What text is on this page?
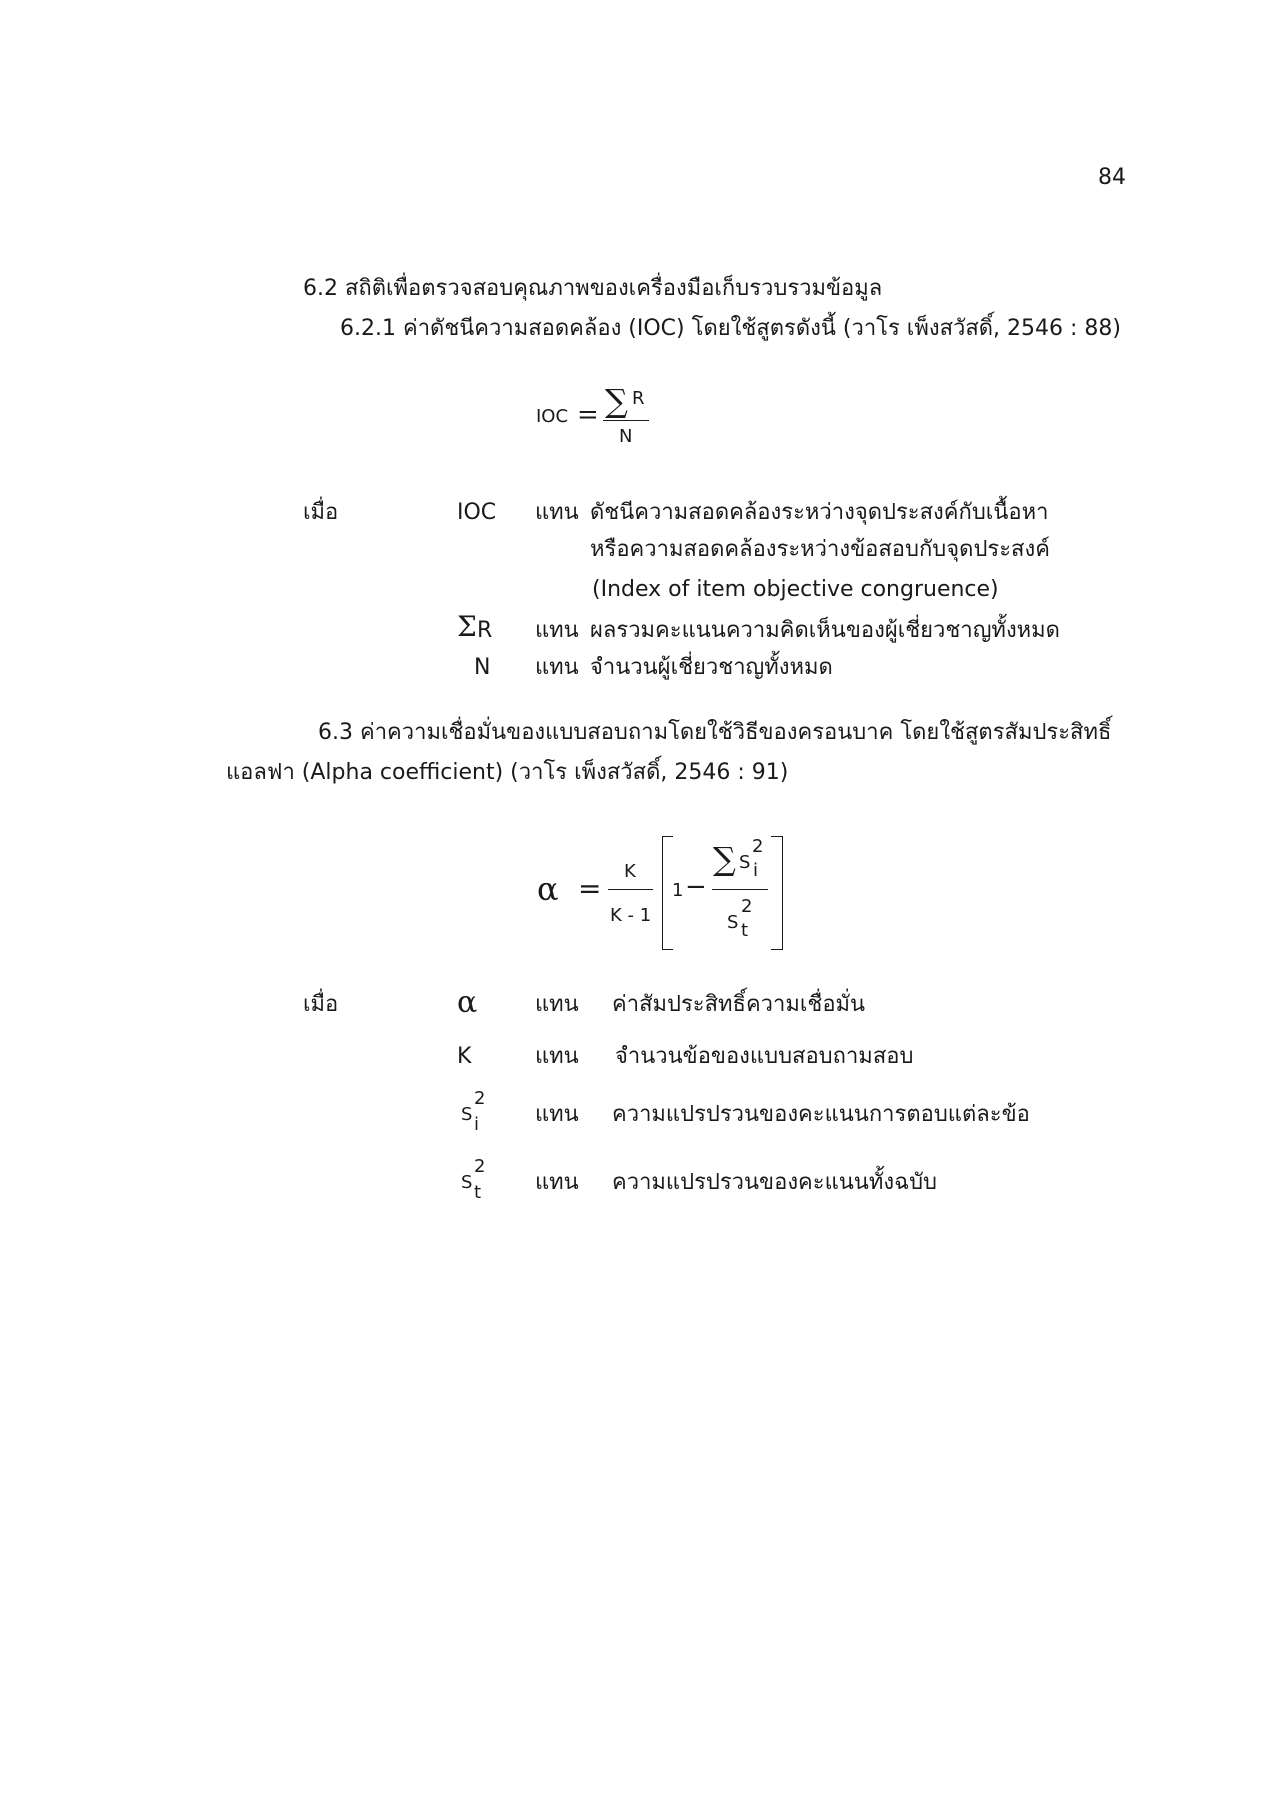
84
6.2 สถิติเพื่อตรวจสอบคุณภาพของเครื่องมือเก็บรวบรวมข้อมูล
6.2.1 ค่าดัชนีความสอดคล้อง (IOC) โดยใช้สูตรดังนี้ (วาโร เพ็งสวัสดิ์, 2546 : 88)
IOC = ∑ R
N
เมื่อ	IOC แทน ดัชนีความสอดคล้องระหว่างจุดประสงค์กับเนื้อหา
หรือความสอดคล้องระหว่างข้อสอบกับจุดประสงค์
(Index of item objective congruence)
Σ R แทน ผลรวมคะแนนความคิดเห็นของผู้เชี่ยวชาญทั้งหมด
N แทน จำนวนผู้เชี่ยวชาญทั้งหมด
6.3 ค่าความเชื่อมั่นของแบบสอบถามโดยใช้วิธีของครอนบาค โดยใช้สูตรสัมประสิทธิ์
แอลฟา (Alpha coefficient) (วาโร เพ็งสวัสดิ์, 2546 : 91)
α =
K
K - 1
1 −
∑ S
2
i
S
2
t
เมื่อ	α	แทน ค่าสัมประสิทธิ์ความเชื่อมั่น
K	แทน จำนวนข้อของแบบสอบถามสอบ
S
2
i	แทน ความแปรปรวนของคะแนนการตอบแต่ละข้อ
S
2
t แทน ความแปรปรวนของคะแนนทั้งฉบับ
